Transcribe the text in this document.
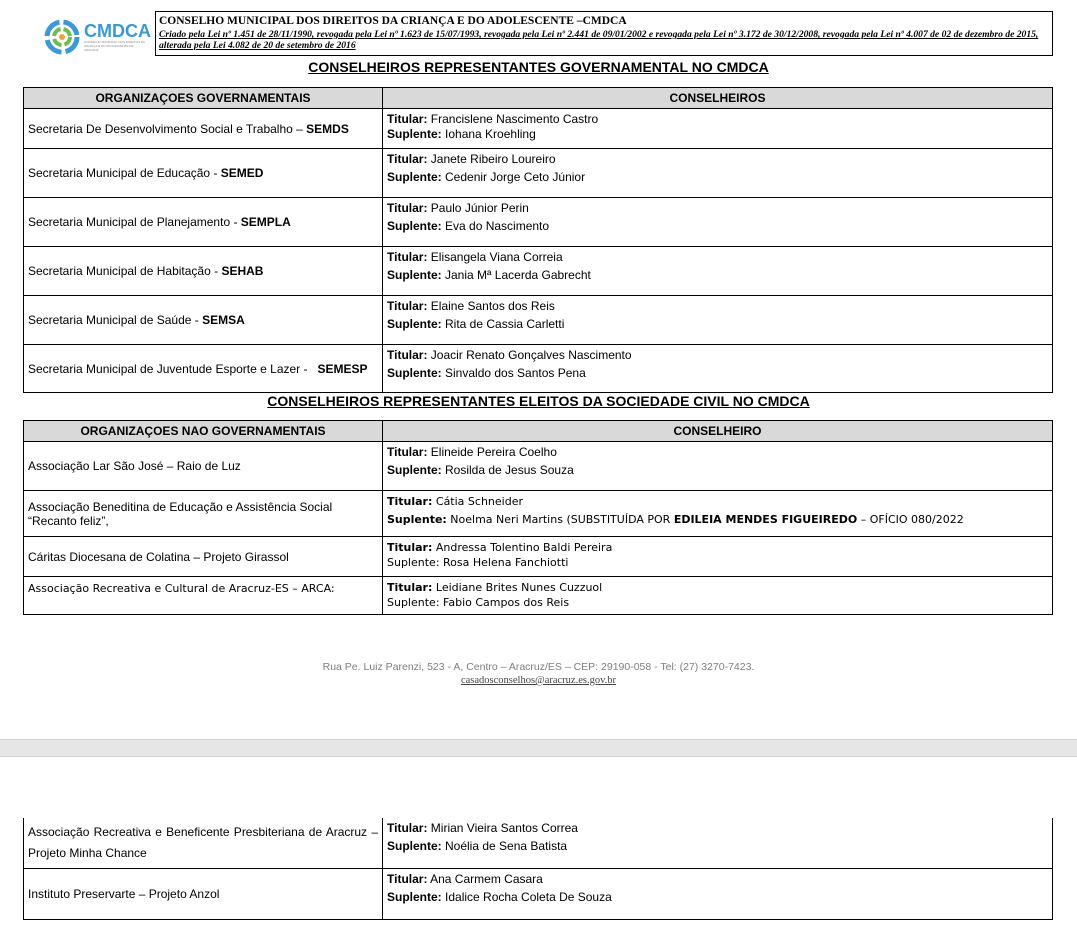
CMDCA
CONSELHO MUNICIPAL DOS DIREITOS DA CRIANÇA E DO ADOLESCENTE DE ARACRUZ
CONSELHO MUNICIPAL DOS DIREITOS DA CRIANÇA E DO ADOLESCENTE –CMDCA
Criado pela Lei nº 1.451 de 28/11/1990, revogada pela Lei nº 1.623 de 15/07/1993, revogada pela Lei nº 2.441 de 09/01/2002 e revogada pela Lei nº 3.172 de 30/12/2008, revogada pela Lei nº 4.007 de 02 de dezembro de 2015, alterada pela Lei 4.082 de 20 de setembro de 2016
CONSELHEIROS REPRESENTANTES GOVERNAMENTAL NO CMDCA
ORGANIZAÇOES GOVERNAMENTAIS	CONSELHEIROS
Secretaria De Desenvolvimento Social e Trabalho – SEMDS	Titular: Francislene Nascimento Castro
Suplente: Iohana Kroehling

Secretaria Municipal de Educação - SEMED	Titular: Janete Ribeiro Loureiro
Suplente: Cedenir Jorge Ceto Júnior

Secretaria Municipal de Planejamento - SEMPLA	Titular: Paulo Júnior Perin
Suplente: Eva do Nascimento

Secretaria Municipal de Habitação - SEHAB	Titular: Elisangela Viana Correia
Suplente: Jania Mª Lacerda Gabrecht

Secretaria Municipal de Saúde - SEMSA	Titular: Elaine Santos dos Reis
Suplente: Rita de Cassia Carletti

Secretaria Municipal de Juventude Esporte e Lazer -   SEMESP	Titular: Joacir Renato Gonçalves Nascimento
Suplente: Sinvaldo dos Santos Pena
CONSELHEIROS REPRESENTANTES ELEITOS DA SOCIEDADE CIVIL NO CMDCA
ORGANIZAÇOES NAO GOVERNAMENTAIS	CONSELHEIRO
Associação Lar São José – Raio de Luz	Titular: Elineide Pereira Coelho
Suplente: Rosilda de Jesus Souza

Associação Beneditina de Educação e Assistência Social “Recanto feliz”,	Titular: Cátia Schneider
Suplente: Noelma Neri Martins (SUBSTITUÍDA POR EDILEIA MENDES FIGUEIREDO – OFÍCIO 080/2022

Cáritas Diocesana de Colatina – Projeto Girassol	Titular: Andressa Tolentino Baldi Pereira
Suplente: Rosa Helena Fanchiotti

Associação Recreativa e Cultural de Aracruz-ES – ARCA:	Titular: Leidiane Brites Nunes Cuzzuol
Suplente: Fabio Campos dos Reis
Rua Pe. Luiz Parenzi, 523 - A, Centro – Aracruz/ES – CEP: 29190-058 - Tel: (27) 3270-7423.
casadosconselhos@aracruz.es.gov.br
Associação Recreativa e Beneficente Presbiteriana de Aracruz – Projeto Minha Chance	Titular: Mirian Vieira Santos Correa
Suplente: Noélia de Sena Batista

Instituto Preservarte – Projeto Anzol	Titular: Ana Carmem Casara
Suplente: Idalice Rocha Coleta De Souza
